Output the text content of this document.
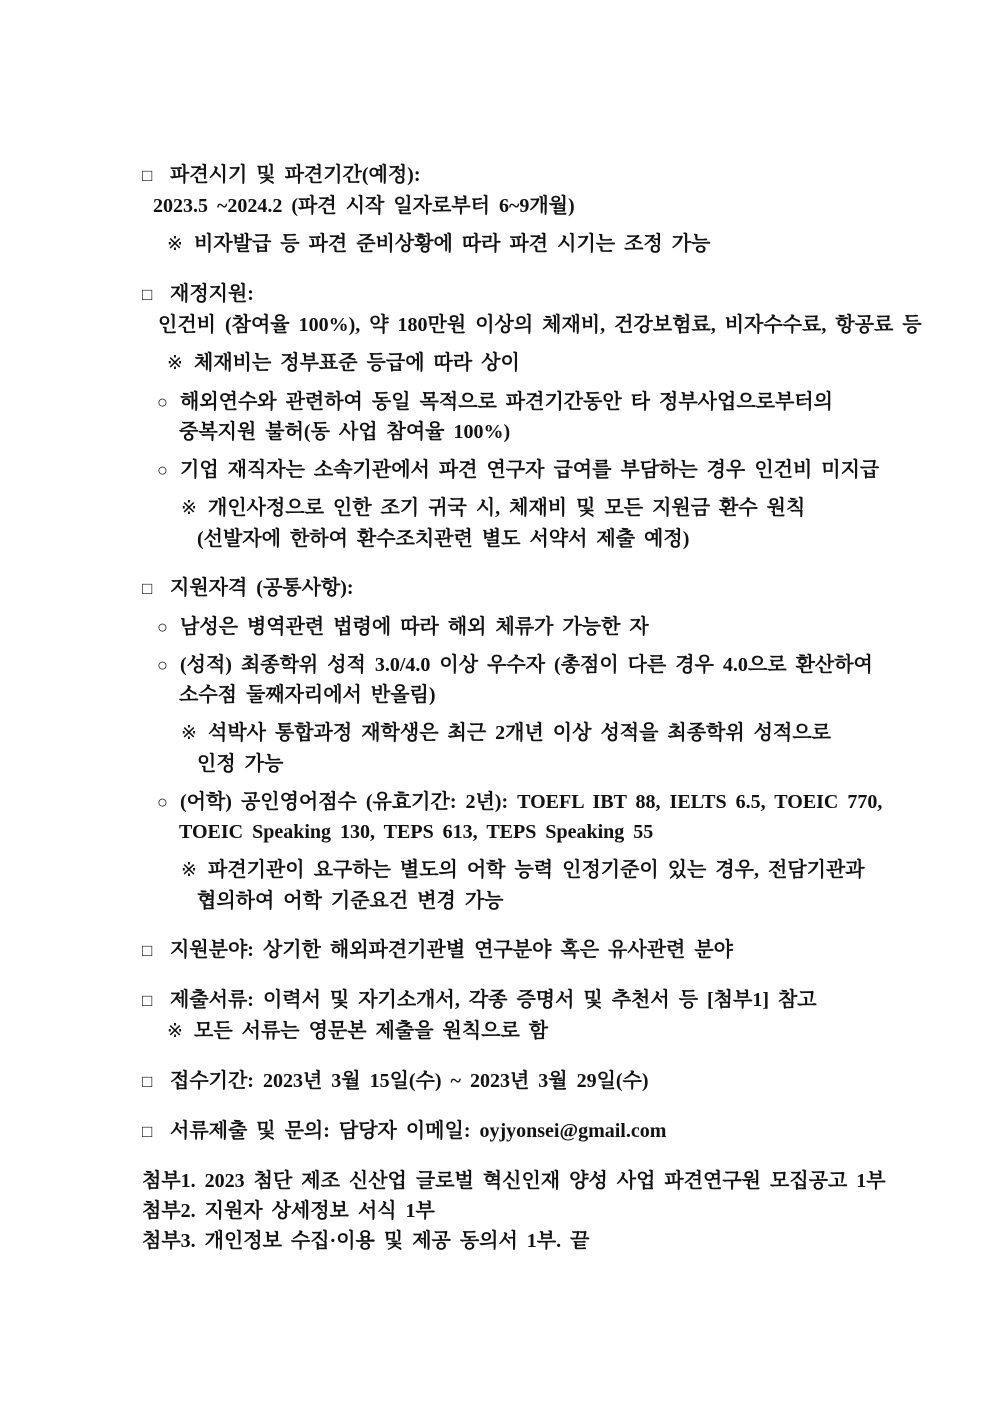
□ 파견시기 및 파견기간(예정):
2023.5 ~2024.2 (파견 시작 일자로부터 6~9개월)
※ 비자발급 등 파견 준비상황에 따라 파견 시기는 조정 가능
□ 재정지원:
인건비 (참여율 100%), 약 180만원 이상의 체재비, 건강보험료, 비자수수료, 항공료 등
※ 체재비는 정부표준 등급에 따라 상이
○ 해외연수와 관련하여 동일 목적으로 파견기간동안 타 정부사업으로부터의
중복지원 불허(동 사업 참여율 100%)
○ 기업 재직자는 소속기관에서 파견 연구자 급여를 부담하는 경우 인건비 미지급
※ 개인사정으로 인한 조기 귀국 시, 체재비 및 모든 지원금 환수 원칙
(선발자에 한하여 환수조치관련 별도 서약서 제출 예정)
□ 지원자격 (공통사항):
○ 남성은 병역관련 법령에 따라 해외 체류가 가능한 자
○ (성적) 최종학위 성적 3.0/4.0 이상 우수자 (총점이 다른 경우 4.0으로 환산하여
소수점 둘째자리에서 반올림)
※ 석박사 통합과정 재학생은 최근 2개년 이상 성적을 최종학위 성적으로
인정 가능
○ (어학) 공인영어점수 (유효기간: 2년): TOEFL IBT 88, IELTS 6.5, TOEIC 770,
TOEIC Speaking 130, TEPS 613, TEPS Speaking 55
※ 파견기관이 요구하는 별도의 어학 능력 인정기준이 있는 경우, 전담기관과
협의하여 어학 기준요건 변경 가능
□ 지원분야: 상기한 해외파견기관별 연구분야 혹은 유사관련 분야
□ 제출서류: 이력서 및 자기소개서, 각종 증명서 및 추천서 등 [첨부1] 참고
※ 모든 서류는 영문본 제출을 원칙으로 함
□ 접수기간: 2023년 3월 15일(수) ~ 2023년 3월 29일(수)
□ 서류제출 및 문의: 담당자 이메일: oyjyonsei@gmail.com
첨부1. 2023 첨단 제조 신산업 글로벌 혁신인재 양성 사업 파견연구원 모집공고 1부
첨부2. 지원자 상세정보 서식 1부
첨부3. 개인정보 수집·이용 및 제공 동의서 1부. 끝
